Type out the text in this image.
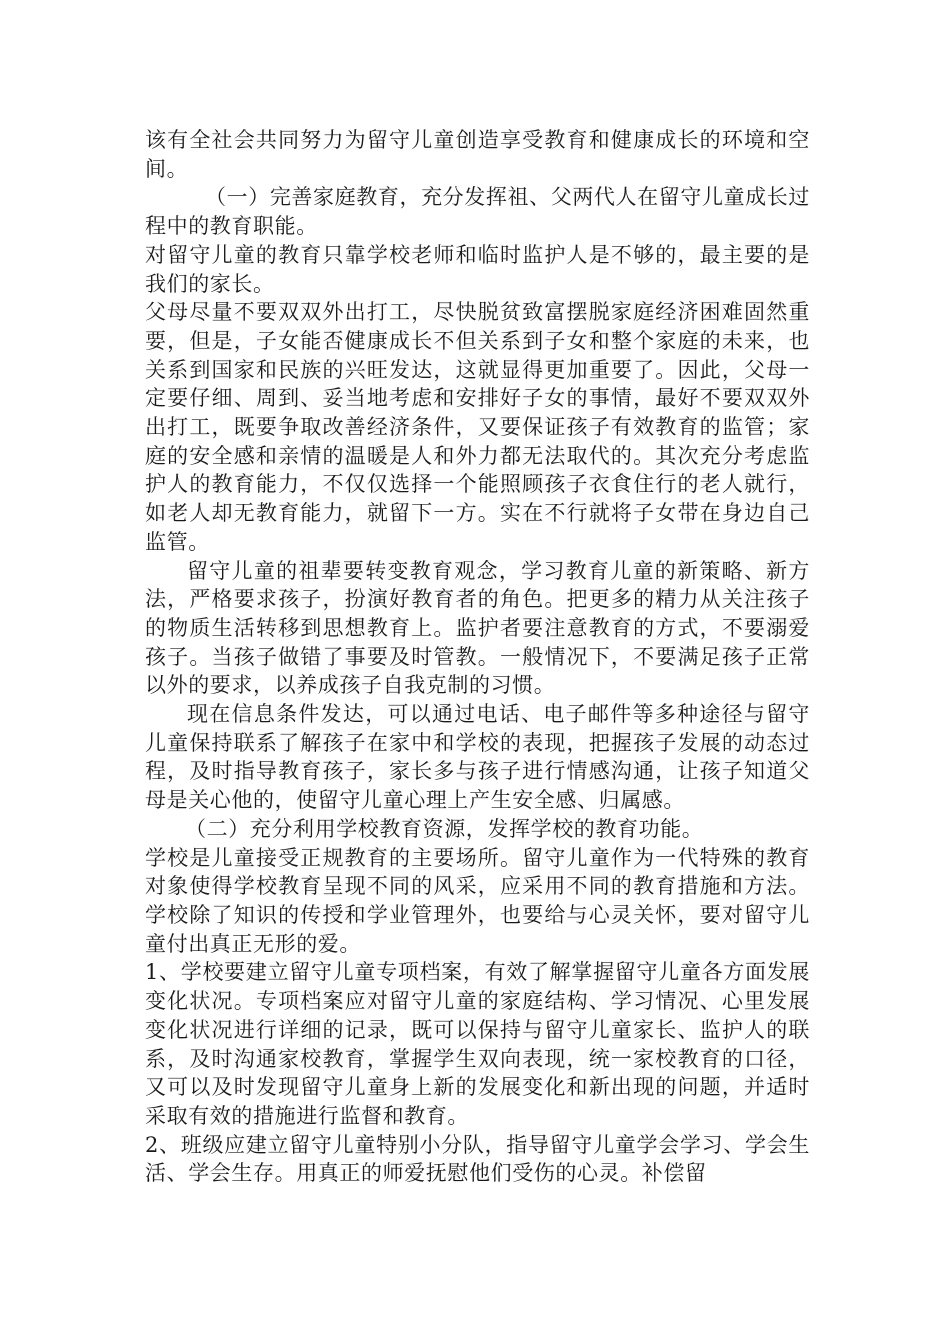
该有全社会共同努力为留守儿童创造享受教育和健康成长的环境和空间。

（一）完善家庭教育，充分发挥祖、父两代人在留守儿童成长过程中的教育职能。

对留守儿童的教育只靠学校老师和临时监护人是不够的，最主要的是我们的家长。

父母尽量不要双双外出打工，尽快脱贫致富摆脱家庭经济困难固然重要，但是，子女能否健康成长不但关系到子女和整个家庭的未来，也关系到国家和民族的兴旺发达，这就显得更加重要了。因此，父母一定要仔细、周到、妥当地考虑和安排好子女的事情，最好不要双双外出打工，既要争取改善经济条件，又要保证孩子有效教育的监管；家庭的安全感和亲情的温暖是人和外力都无法取代的。其次充分考虑监护人的教育能力，不仅仅选择一个能照顾孩子衣食住行的老人就行，如老人却无教育能力，就留下一方。实在不行就将子女带在身边自己监管。

留守儿童的祖辈要转变教育观念，学习教育儿童的新策略、新方法，严格要求孩子，扮演好教育者的角色。把更多的精力从关注孩子的物质生活转移到思想教育上。监护者要注意教育的方式，不要溺爱孩子。当孩子做错了事要及时管教。一般情况下，不要满足孩子正常以外的要求，以养成孩子自我克制的习惯。

现在信息条件发达，可以通过电话、电子邮件等多种途径与留守儿童保持联系了解孩子在家中和学校的表现，把握孩子发展的动态过程，及时指导教育孩子，家长多与孩子进行情感沟通，让孩子知道父母是关心他的，使留守儿童心理上产生安全感、归属感。

（二）充分利用学校教育资源，发挥学校的教育功能。

学校是儿童接受正规教育的主要场所。留守儿童作为一代特殊的教育对象使得学校教育呈现不同的风采，应采用不同的教育措施和方法。学校除了知识的传授和学业管理外，也要给与心灵关怀，要对留守儿童付出真正无形的爱。

1、学校要建立留守儿童专项档案，有效了解掌握留守儿童各方面发展变化状况。专项档案应对留守儿童的家庭结构、学习情况、心里发展变化状况进行详细的记录，既可以保持与留守儿童家长、监护人的联系，及时沟通家校教育，掌握学生双向表现，统一家校教育的口径，又可以及时发现留守儿童身上新的发展变化和新出现的问题，并适时采取有效的措施进行监督和教育。

2、班级应建立留守儿童特别小分队，指导留守儿童学会学习、学会生活、学会生存。用真正的师爱抚慰他们受伤的心灵。补偿留
